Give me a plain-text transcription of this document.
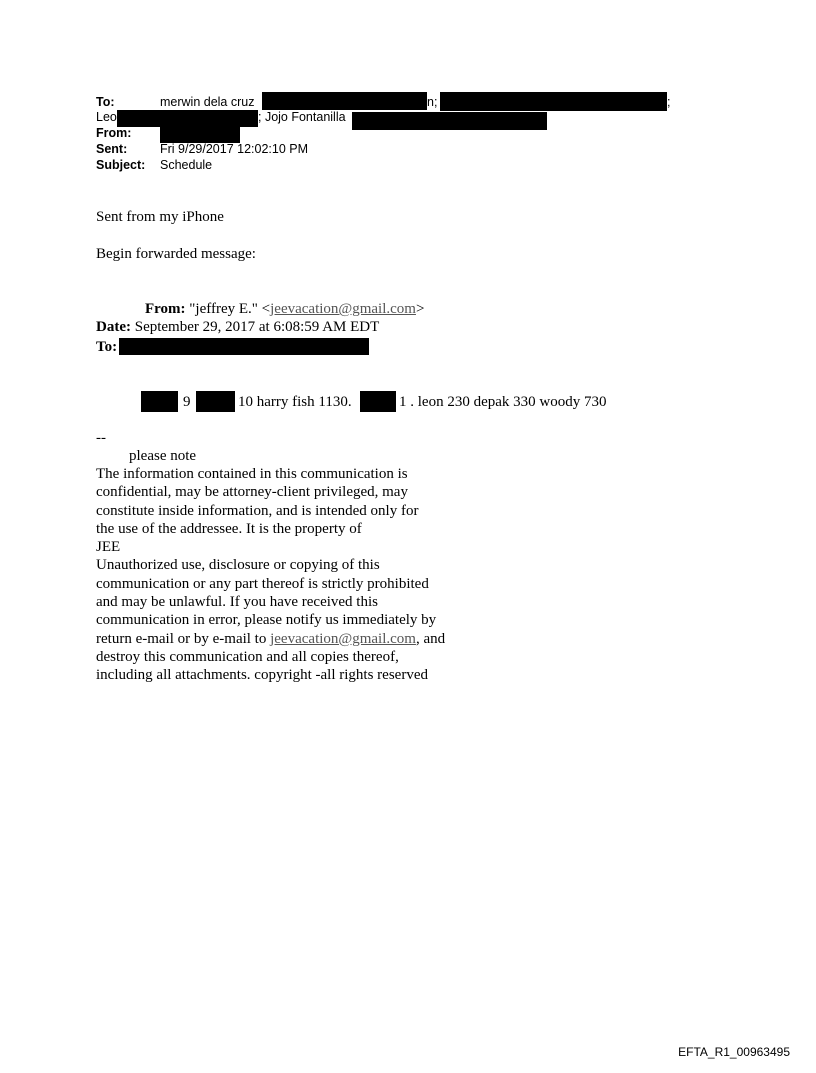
To:	merwin dela cruz	n;	;
Leo	; Jojo Fontanilla
From:
Sent:	Fri 9/29/2017 12:02:10 PM
Subject: Schedule
Sent from my iPhone
Begin forwarded message:
From: "jeffrey E." <jeevacation@gmail.com>
Date: September 29, 2017 at 6:08:59 AM EDT
To:
9	10 harry fish 1130.	1 . leon 230 depak 330 woody 730
--
please note
The information contained in this communication is
confidential, may be attorney-client privileged, may
constitute inside information, and is intended only for
the use of the addressee. It is the property of
JEE
Unauthorized use, disclosure or copying of this
communication or any part thereof is strictly prohibited
and may be unlawful. If you have received this
communication in error, please notify us immediately by
return e-mail or by e-mail to jeevacation@gmail.com, and
destroy this communication and all copies thereof,
including all attachments. copyright -all rights reserved
EFTA_R1_00963495
